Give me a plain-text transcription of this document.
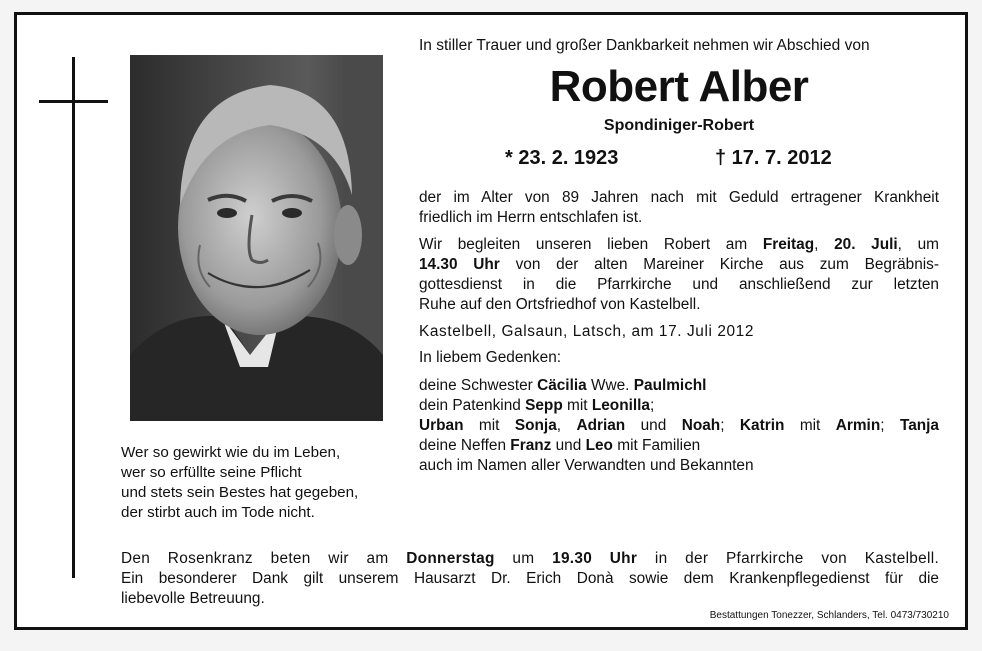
Wer so gewirkt wie du im Leben,
wer so erfüllte seine Pflicht
und stets sein Bestes hat gegeben,
der stirbt auch im Tode nicht.
In stiller Trauer und großer Dankbarkeit nehmen wir Abschied von
Robert Alber
Spondiniger-Robert
* 23. 2. 1923	† 17. 7. 2012
der im Alter von 89 Jahren nach mit Geduld ertragener Krankheit
friedlich im Herrn entschlafen ist.
Wir begleiten unseren lieben Robert am Freitag, 20. Juli, um
14.30 Uhr von der alten Mareiner Kirche aus zum Begräbnis-
gottesdienst in die Pfarrkirche und anschließend zur letzten
Ruhe auf den Ortsfriedhof von Kastelbell.
Kastelbell, Galsaun, Latsch, am 17. Juli 2012
In liebem Gedenken:
deine Schwester Cäcilia Wwe. Paulmichl
dein Patenkind Sepp mit Leonilla;
Urban mit Sonja, Adrian und Noah; Katrin mit Armin; Tanja
deine Neffen Franz und Leo mit Familien
auch im Namen aller Verwandten und Bekannten
Den Rosenkranz beten wir am Donnerstag um 19.30 Uhr in der Pfarrkirche von Kastelbell.
Ein besonderer Dank gilt unserem Hausarzt Dr. Erich Donà sowie dem Krankenpflegedienst für die
liebevolle Betreuung.
Bestattungen Tonezzer, Schlanders, Tel. 0473/730210
